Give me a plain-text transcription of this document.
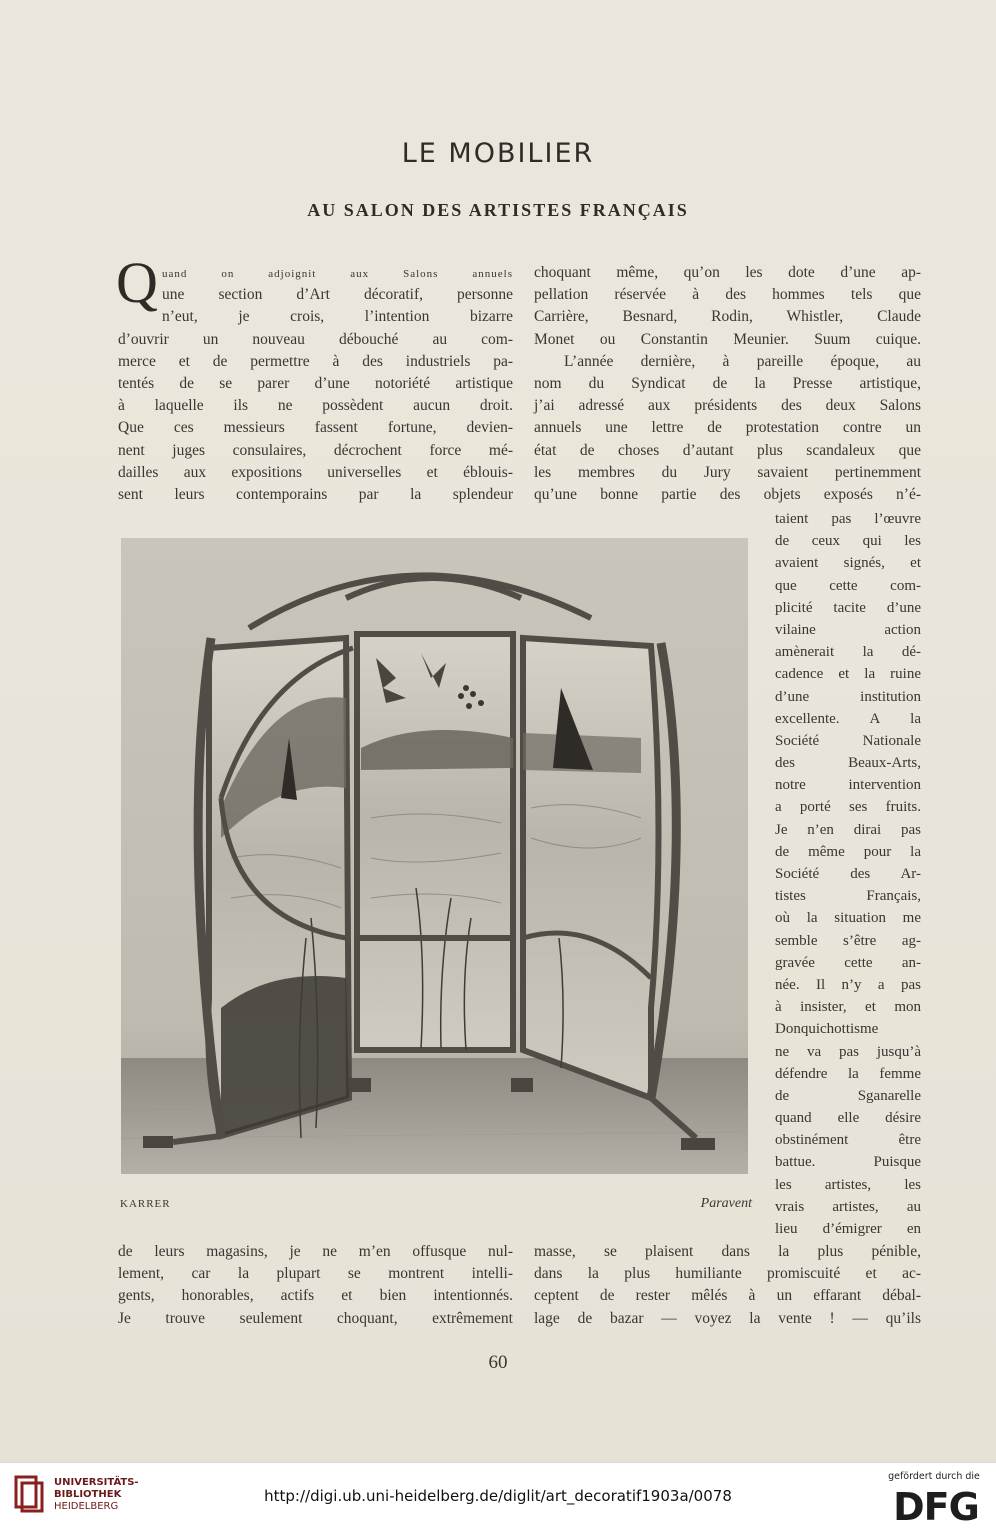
LE MOBILIER
AU SALON DES ARTISTES FRANÇAIS
Q uand on adjoignit aux Salons annuels

une section d’Art décoratif, personne

n’eut, je crois, l’intention bizarre

d’ouvrir un nouveau débouché au com-

merce et de permettre à des industriels pa-

tentés de se parer d’une notoriété artistique

à laquelle ils ne possèdent aucun droit.

Que ces messieurs fassent fortune, devien-

nent juges consulaires, décrochent force mé-

dailles aux expositions universelles et éblouis-

sent leurs contemporains par la splendeur

choquant même, qu’on les dote d’une ap-

pellation réservée à des hommes tels que

Carrière, Besnard, Rodin, Whistler, Claude

Monet ou Constantin Meunier. Suum cuique.

L’année dernière, à pareille époque, au

nom du Syndicat de la Presse artistique,

j’ai adressé aux présidents des deux Salons

annuels une lettre de protestation contre un

état de choses d’autant plus scandaleux que

les membres du Jury savaient pertinemment

qu’une bonne partie des objets exposés n’é-

taient pas l’œuvre

de ceux qui les

avaient signés, et

que cette com-

plicité tacite d’une

vilaine action

amènerait la dé-

cadence et la ruine

d’une institution

excellente. A la

Société Nationale

des Beaux-Arts,

notre intervention

a porté ses fruits.

Je n’en dirai pas

de même pour la

Société des Ar-

tistes Français,

où la situation me

semble s’être ag-

gravée cette an-

née. Il n’y a pas

à insister, et mon

Donquichottisme

ne va pas jusqu’à

défendre la femme

de Sganarelle

quand elle désire

obstinément être

battue. Puisque

les artistes, les

vrais artistes, au

lieu d’émigrer en

KARRER	Paravent

de leurs magasins, je ne m’en offusque nul-

lement, car la plupart se montrent intelli-

gents, honorables, actifs et bien intentionnés.

Je trouve seulement choquant, extrêmement

masse, se plaisent dans la plus pénible,

dans la plus humiliante promiscuité et ac-

ceptent de rester mêlés à un effarant débal-

lage de bazar — voyez la vente ! — qu’ils

60
UNIVERSITÄTS-
BIBLIOTHEK
HEIDELBERG
http://digi.ub.uni-heidelberg.de/diglit/art_decoratif1903a/0078
gefördert durch die
DFG
